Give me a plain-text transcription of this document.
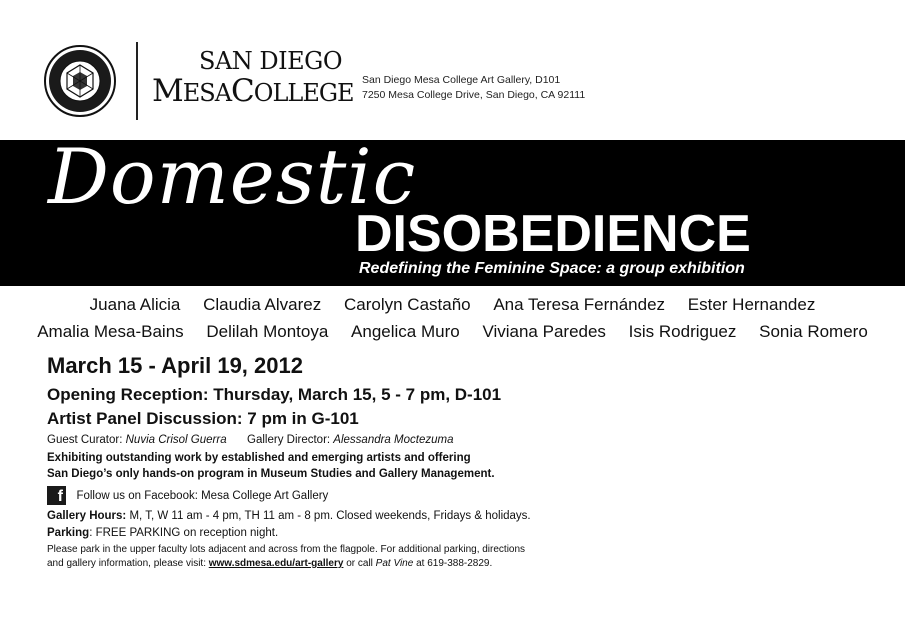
SAN DIEGO
MESACOLLEGE San Diego Mesa College Art Gallery, D101
7250 Mesa College Drive, San Diego, CA 92111
Domestic
DISOBEDIENCE
Redefining the Feminine Space: a group exhibition
Juana Alicia Claudia Alvarez Carolyn Castaño Ana Teresa Fernández Ester Hernandez
Amalia Mesa-Bains Delilah Montoya Angelica Muro Viviana Paredes Isis Rodriguez Sonia Romero
March 15 - April 19, 2012
Opening Reception: Thursday, March 15, 5 - 7 pm, D-101
Artist Panel Discussion: 7 pm in G-101
Guest Curator: Nuvia Crisol Guerra Gallery Director: Alessandra Moctezuma
Exhibiting outstanding work by established and emerging artists and offering
San Diego’s only hands-on program in Museum Studies and Gallery Management.
f Follow us on Facebook: Mesa College Art Gallery
Gallery Hours: M, T, W 11 am - 4 pm, TH 11 am - 8 pm. Closed weekends, Fridays & holidays.
Parking: FREE PARKING on reception night.
Please park in the upper faculty lots adjacent and across from the flagpole. For additional parking, directions
and gallery information, please visit: www.sdmesa.edu/art-gallery or call Pat Vine at 619-388-2829.
